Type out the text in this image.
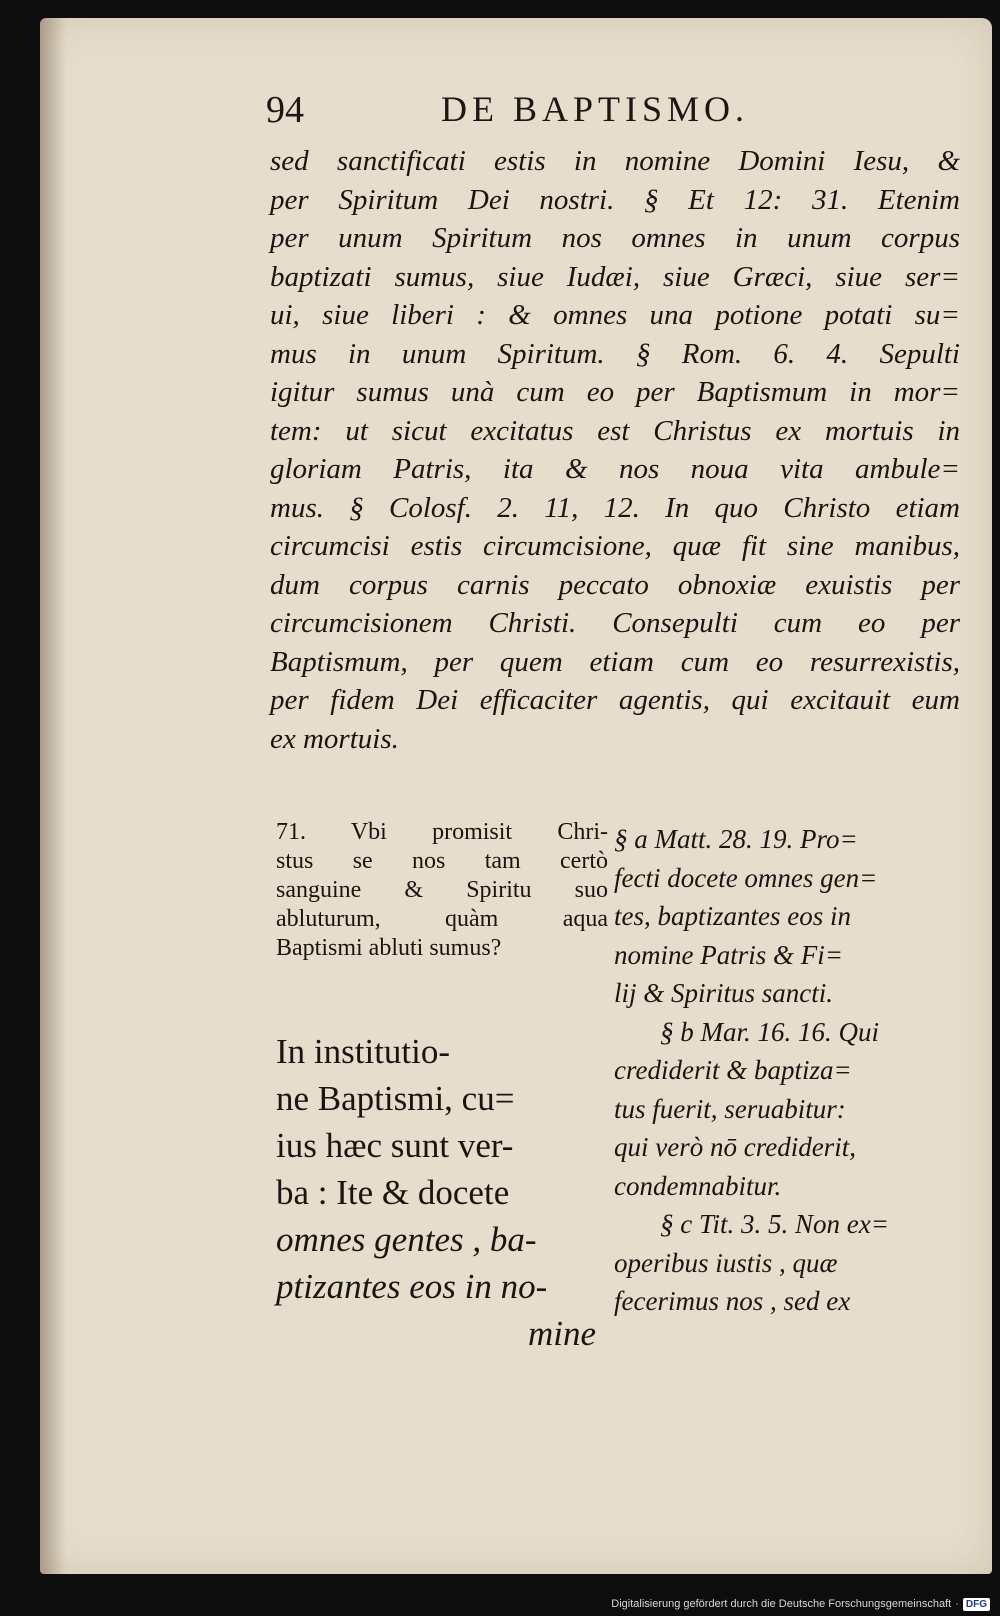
94	DE BAPTISMO.
sed sanctificati estis in nomine Domini Iesu, &
per Spiritum Dei nostri. § Et 12: 31. Etenim
per unum Spiritum nos omnes in unum corpus
baptizati sumus, siue Iudæi, siue Græci, siue ser=
ui, siue liberi : & omnes una potione potati su=
mus in unum Spiritum. § Rom. 6. 4. Sepulti
igitur sumus unà cum eo per Baptismum in mor=
tem: ut sicut excitatus est Christus ex mortuis in
gloriam Patris, ita & nos noua vita ambule=
mus. § Colosf. 2. 11, 12. In quo Christo etiam
circumcisi estis circumcisione, quæ fit sine manibus,
dum corpus carnis peccato obnoxiæ exuistis per
circumcisionem Christi. Consepulti cum eo per
Baptismum, per quem etiam cum eo resurrexistis,
per fidem Dei efficaciter agentis, qui excitauit eum
ex mortuis.
71. Vbi promisit Chri-
stus se nos tam certò
sanguine & Spiritu suo
abluturum, quàm aqua
Baptismi abluti sumus?
In institutio-
ne Baptismi, cu=
ius hæc sunt ver-
ba : Ite & docete
omnes gentes , ba-
ptizantes eos in no-
mine
§ a Matt. 28. 19. Pro=
fecti docete omnes gen=
tes, baptizantes eos in
nomine Patris & Fi=
lij & Spiritus sancti.
§ b Mar. 16. 16. Qui
crediderit & baptiza=
tus fuerit, seruabitur:
qui verò nō crediderit,
condemnabitur.
§ c Tit. 3. 5. Non ex=
operibus iustis , quæ
fecerimus nos , sed ex
Digitalisierung gefördert durch die Deutsche Forschungsgemeinschaft · DFG
